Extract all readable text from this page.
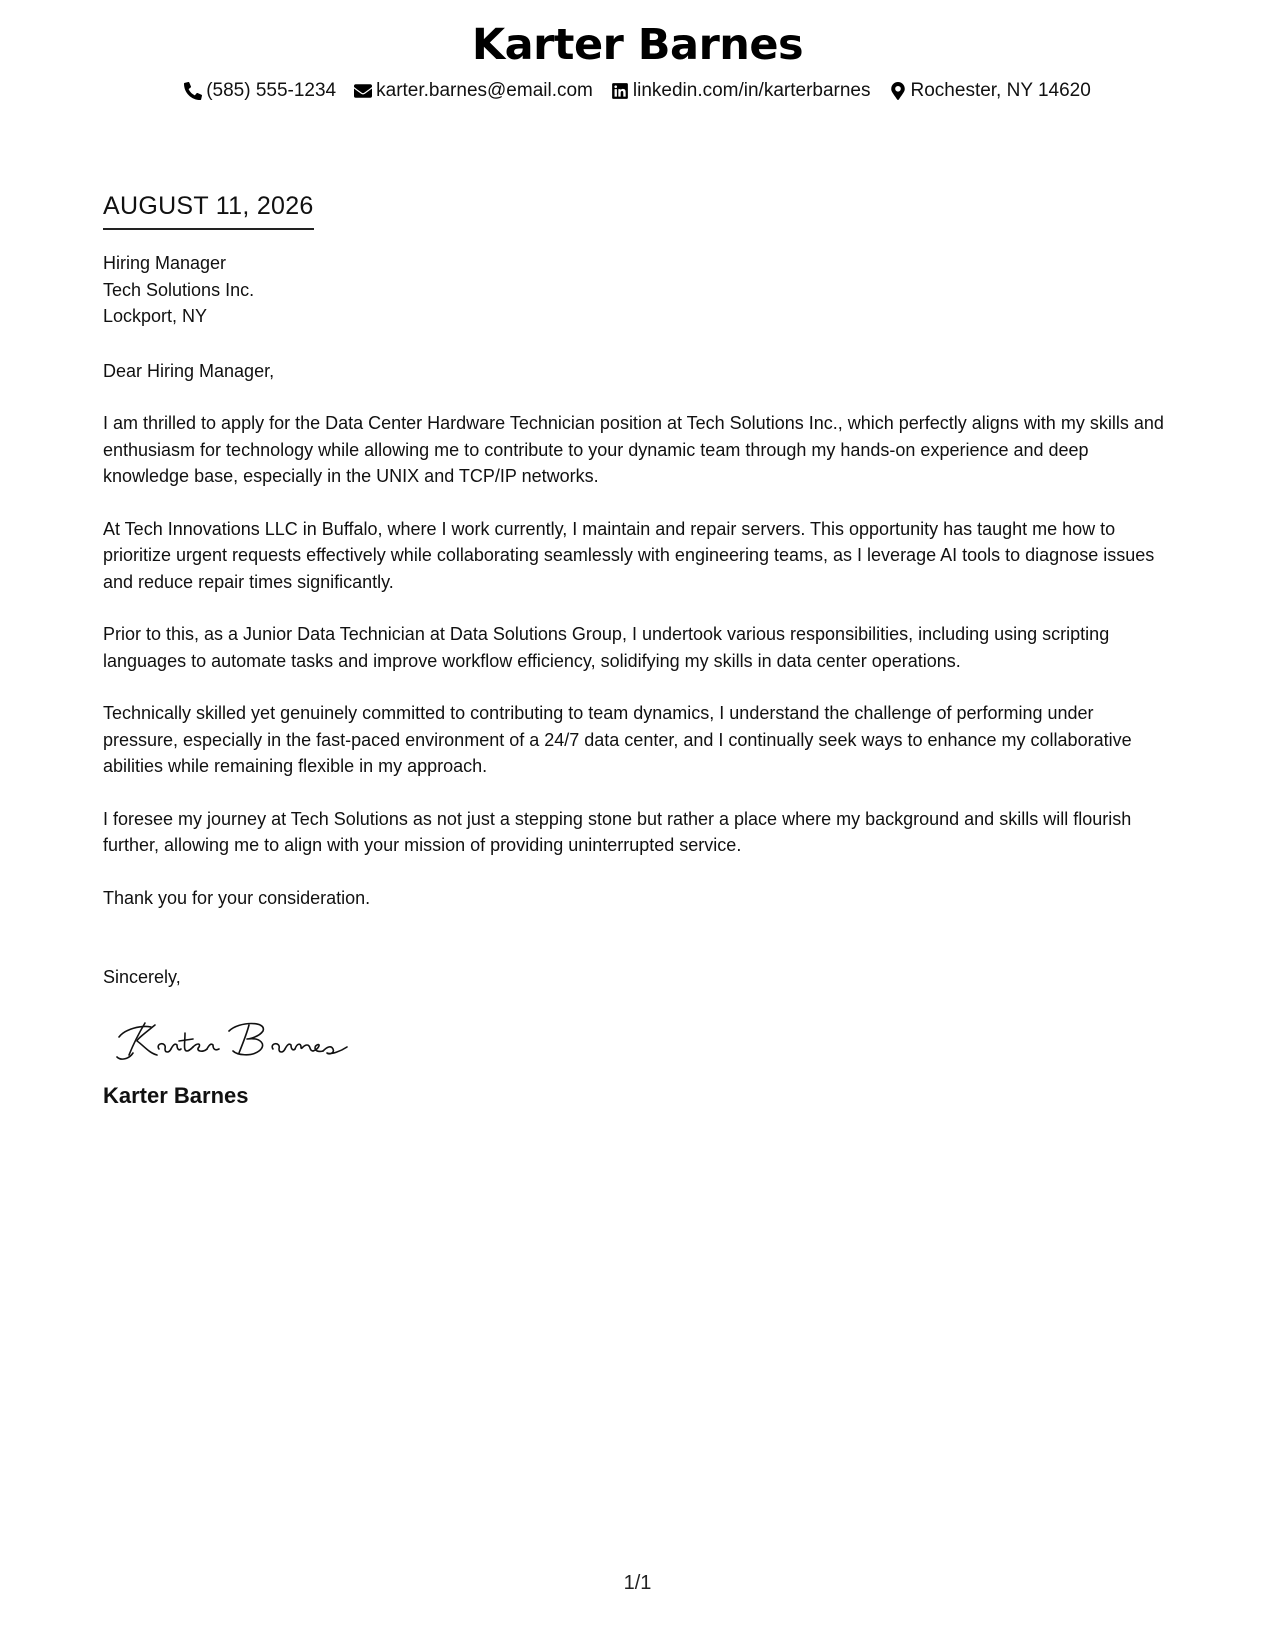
Karter Barnes
(585) 555-1234 karter.barnes@email.com linkedin.com/in/karterbarnes Rochester, NY 14620
AUGUST 11, 2026
Hiring Manager
Tech Solutions Inc.
Lockport, NY
Dear Hiring Manager,
I am thrilled to apply for the Data Center Hardware Technician position at Tech Solutions Inc., which perfectly aligns with my skills and enthusiasm for technology while allowing me to contribute to your dynamic team through my hands-on experience and deep knowledge base, especially in the UNIX and TCP/IP networks.
At Tech Innovations LLC in Buffalo, where I work currently, I maintain and repair servers. This opportunity has taught me how to prioritize urgent requests effectively while collaborating seamlessly with engineering teams, as I leverage AI tools to diagnose issues and reduce repair times significantly.
Prior to this, as a Junior Data Technician at Data Solutions Group, I undertook various responsibilities, including using scripting languages to automate tasks and improve workflow efficiency, solidifying my skills in data center operations.
Technically skilled yet genuinely committed to contributing to team dynamics, I understand the challenge of performing under pressure, especially in the fast-paced environment of a 24/7 data center, and I continually seek ways to enhance my collaborative abilities while remaining flexible in my approach.
I foresee my journey at Tech Solutions as not just a stepping stone but rather a place where my background and skills will flourish further, allowing me to align with your mission of providing uninterrupted service.
Thank you for your consideration.
Sincerely,
Karter Barnes
1/1
